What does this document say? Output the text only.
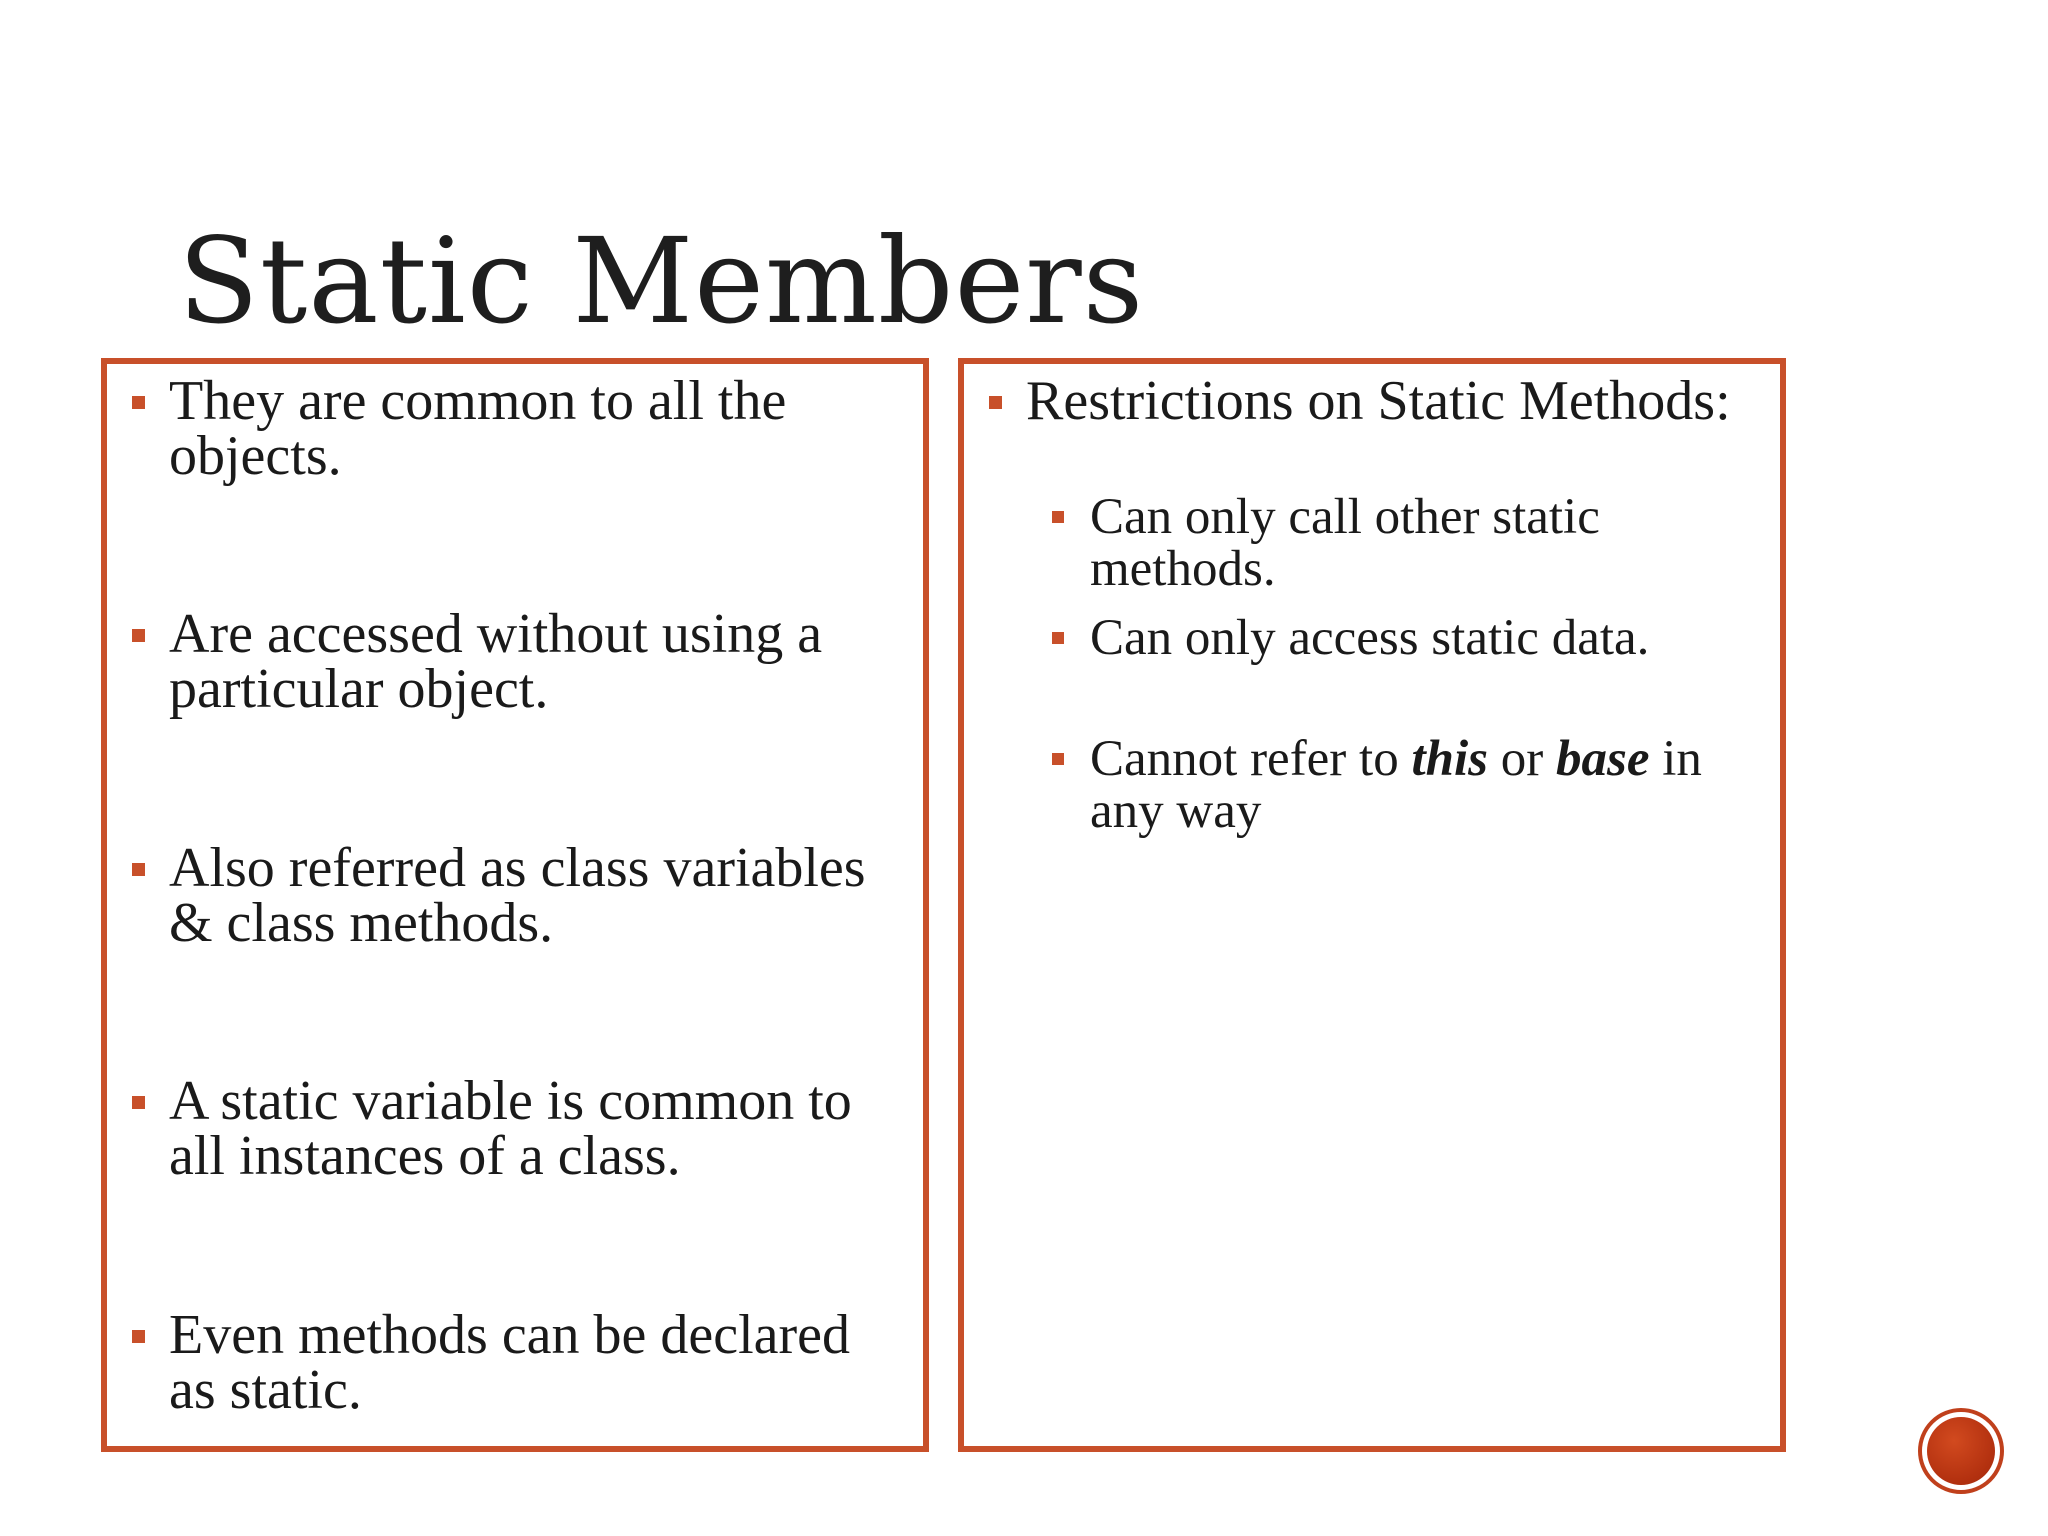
Static Members
They are common to all the objects.
Are accessed without using a particular object.
Also referred as class variables & class methods.
A static variable is common to all instances of a class.
Even methods can be declared as static.
Restrictions on Static Methods:
Can only call other static methods.
Can only access static data.
Cannot refer to this or base in any way
